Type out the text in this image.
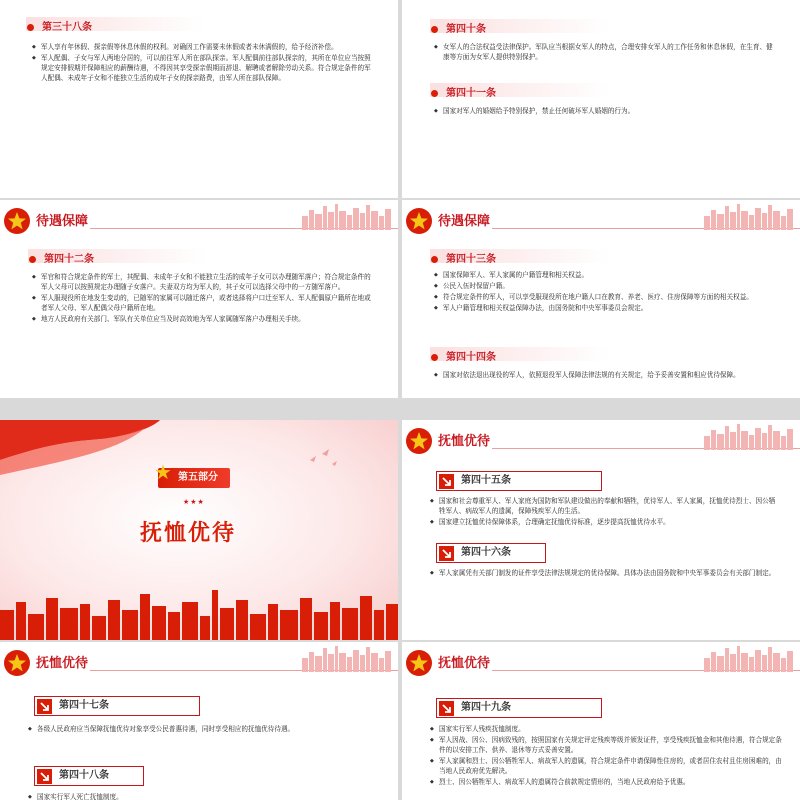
第三十八条
◆ 军人享有年休假、探亲假等休息休假的权利。对确因工作需要未休假或者未休满假的，给予经济补偿。
◆ 军人配偶、子女与军人两地分居的，可以前往军人所在部队探亲。军人配偶前往部队探亲的，其所在单位应当按照规定安排假期并保障相应的薪酬待遇，不得因其享受探亲假期而辞退、解聘或者解除劳动关系。符合规定条件的军人配偶、未成年子女和不能独立生活的成年子女的探亲路费，由军人所在部队保障。
第四十条
◆ 女军人的合法权益受法律保护。军队应当根据女军人的特点，合理安排女军人的工作任务和休息休假，在生育、健康等方面为女军人提供特别保护。
第四十一条
◆ 国家对军人的婚姻给予特别保护，禁止任何破坏军人婚姻的行为。
待遇保障
第四十二条
◆ 军官和符合规定条件的军士，其配偶、未成年子女和不能独立生活的成年子女可以办理随军落户；符合规定条件的军人父母可以按照规定办理随子女落户。夫妻双方均为军人的，其子女可以选择父母中的一方随军落户。
◆ 军人服现役所在地发生变动的，已随军的家属可以随迁落户，或者选择将户口迁至军人、军人配偶原户籍所在地或者军人父母、军人配偶父母户籍所在地。
◆ 地方人民政府有关部门、军队有关单位应当及时高效地为军人家属随军落户办理相关手续。
待遇保障
第四十三条
◆ 国家保障军人、军人家属的户籍管理和相关权益。
◆ 公民入伍时保留户籍。
◆ 符合规定条件的军人，可以享受服现役所在地户籍人口在教育、养老、医疗、住房保障等方面的相关权益。
◆ 军人户籍管理和相关权益保障办法，由国务院和中央军事委员会规定。
第四十四条
◆ 国家对依法退出现役的军人，依照退役军人保障法律法规的有关规定，给予妥善安置和相应优待保障。
★ 第五部分
★★★
抚恤优待
抚恤优待
第四十五条
◆ 国家和社会尊重军人、军人家庭为国防和军队建设做出的奉献和牺牲，优待军人、军人家属，抚恤优待烈士、因公牺牲军人、病故军人的遗属，保障残疾军人的生活。
◆ 国家建立抚恤优待保障体系，合理确定抚恤优待标准，逐步提高抚恤优待水平。
第四十六条
◆ 军人家属凭有关部门制发的证件享受法律法规规定的优待保障。具体办法由国务院和中央军事委员会有关部门制定。
抚恤优待
第四十七条
◆ 各级人民政府应当保障抚恤优待对象享受公民普惠待遇，同时享受相应的抚恤优待待遇。
第四十八条
◆ 国家实行军人死亡抚恤制度。
抚恤优待
第四十九条
◆ 国家实行军人残疾抚恤制度。
◆ 军人因战、因公、因病致残的，按照国家有关规定评定残疾等级并颁发证件，享受残疾抚恤金和其他待遇，符合规定条件的以安排工作、供养、退休等方式妥善安置。
◆ 军人家属和烈士、因公牺牲军人、病故军人的遗属，符合规定条件申请保障性住房的，或者居住农村且住房困难的，由当地人民政府优先解决。
◆ 烈士、因公牺牲军人、病故军人的遗属符合前款规定情形的，当地人民政府给予优惠。
